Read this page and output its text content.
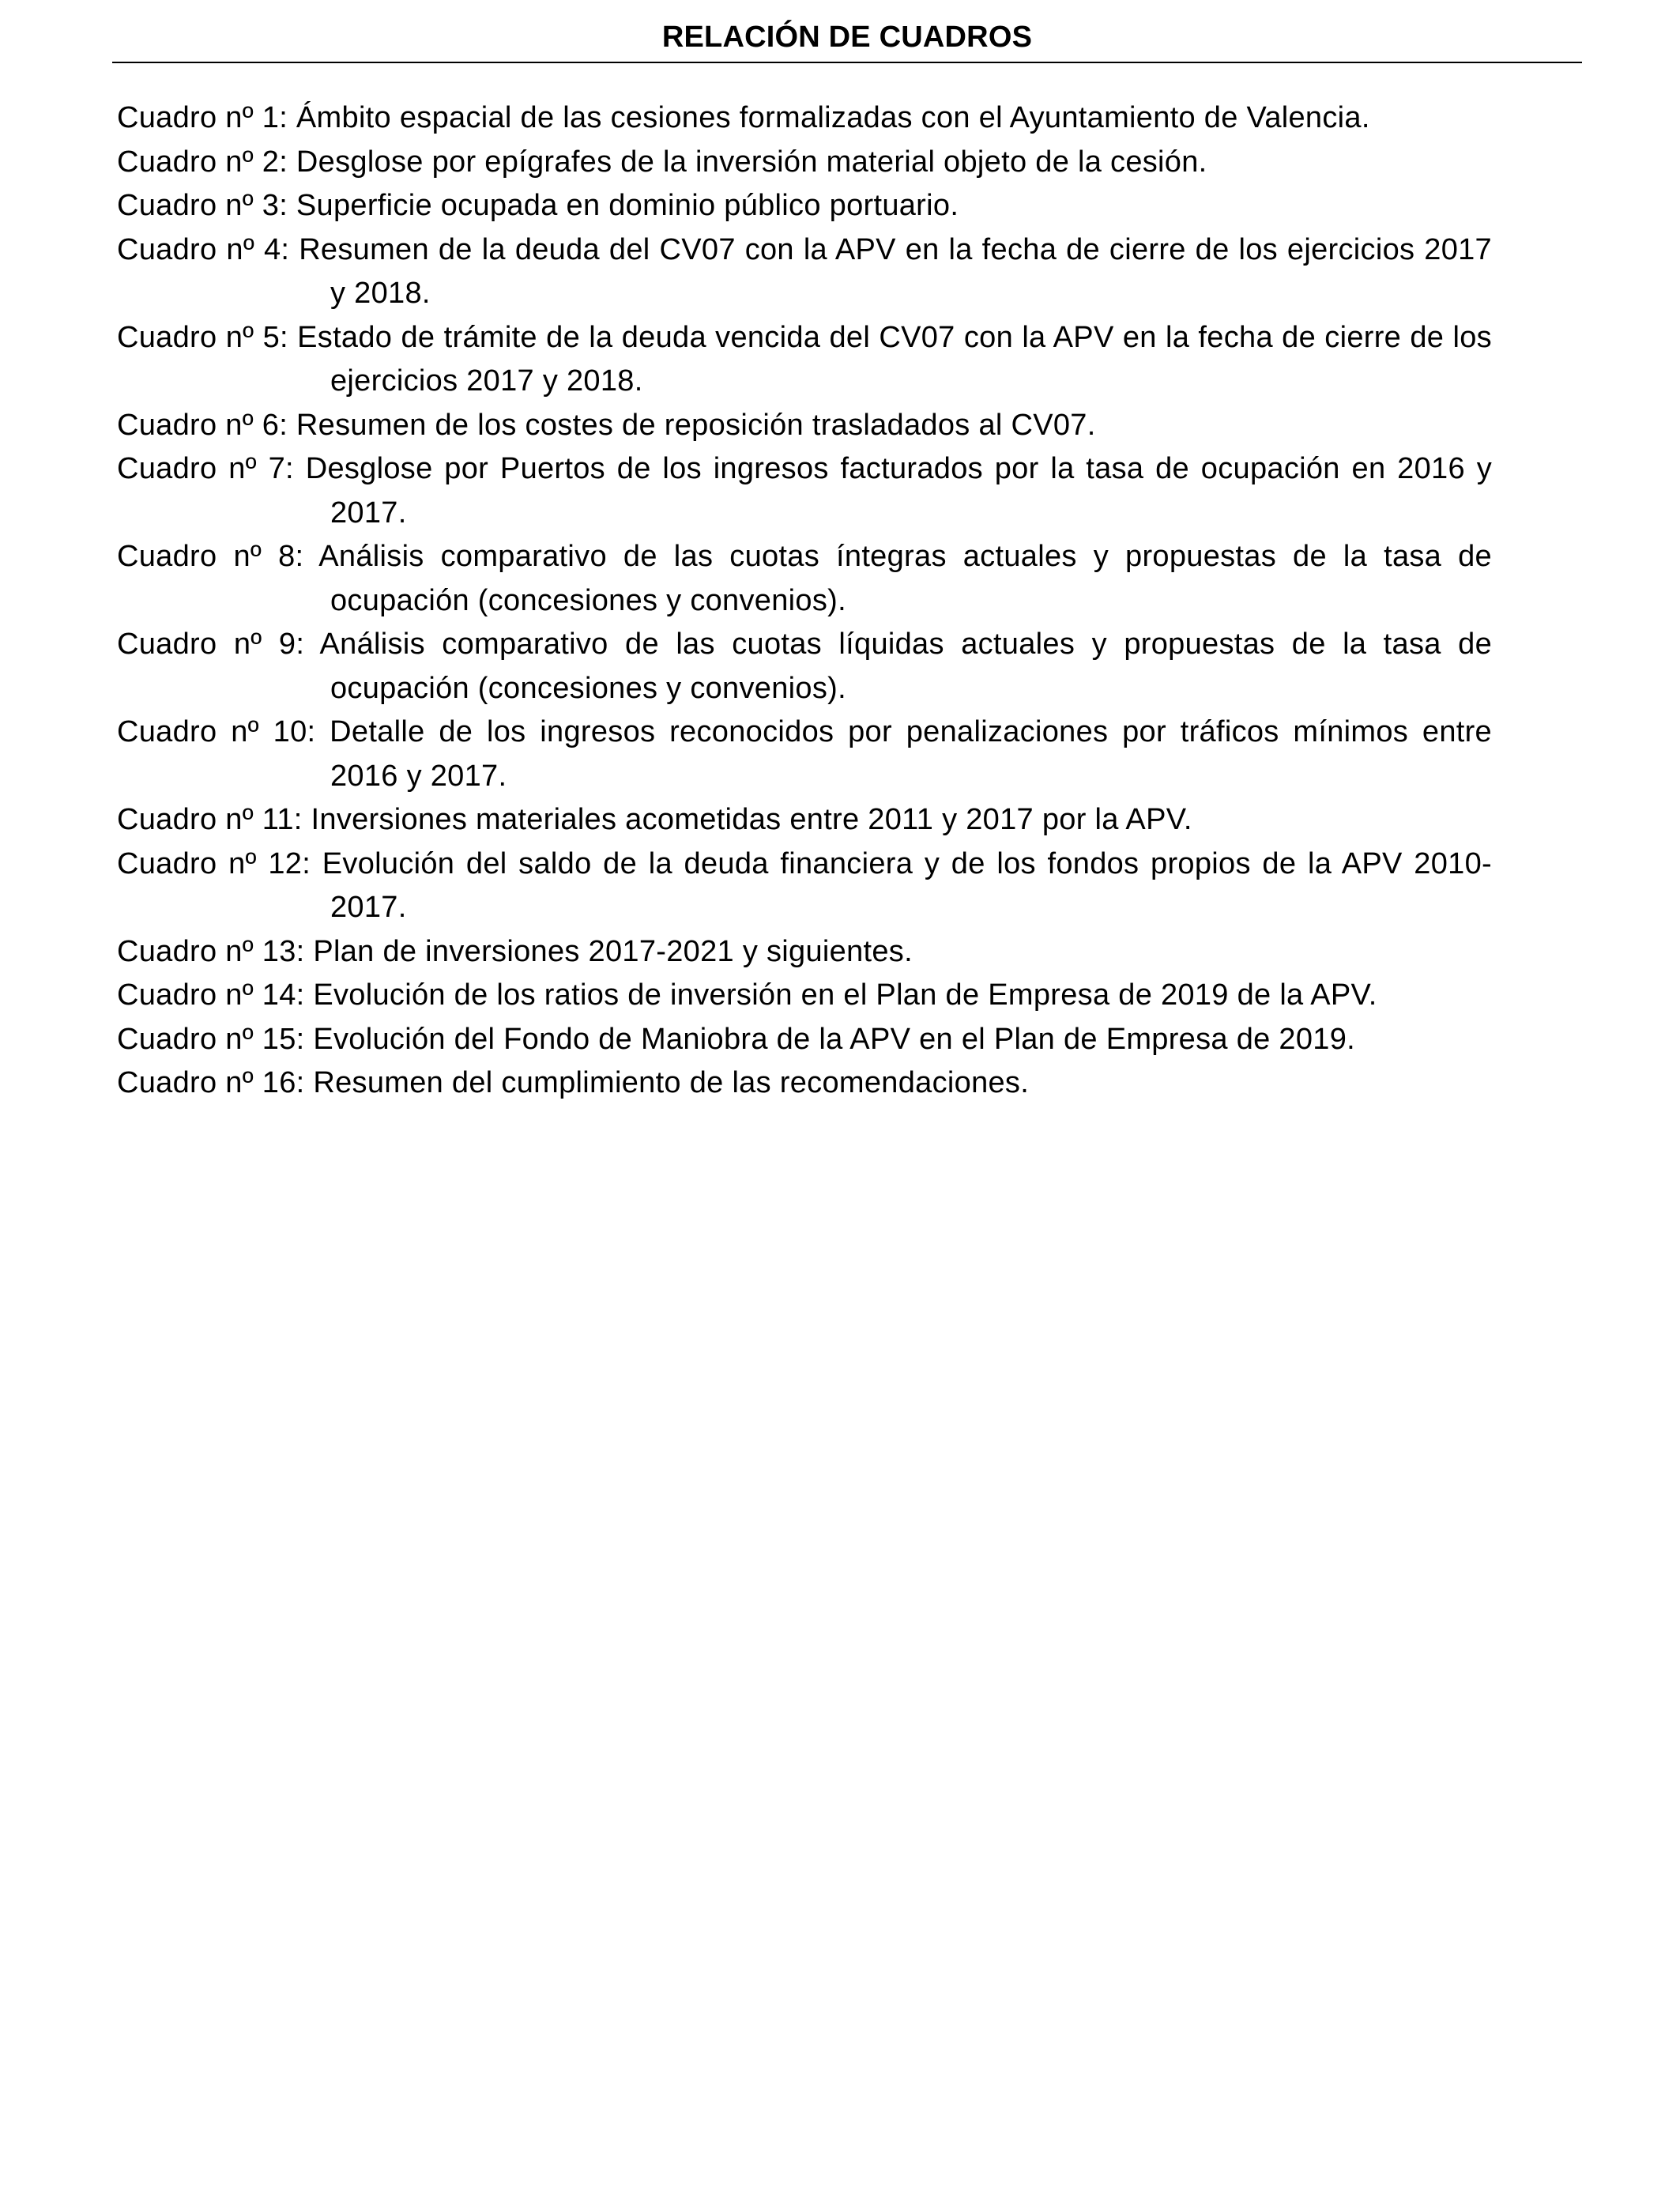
RELACIÓN DE CUADROS
Cuadro nº 1: Ámbito espacial de las cesiones formalizadas con el Ayuntamiento de Valencia.
Cuadro nº 2: Desglose por epígrafes de la inversión material objeto de la cesión.
Cuadro nº 3: Superficie ocupada en dominio público portuario.
Cuadro nº 4: Resumen de la deuda del CV07 con la APV en la fecha de cierre de los ejercicios 2017 y 2018.
Cuadro nº 5: Estado de trámite de la deuda vencida del CV07 con la APV en la fecha de cierre de los ejercicios 2017 y 2018.
Cuadro nº 6: Resumen de los costes de reposición trasladados al CV07.
Cuadro nº 7: Desglose por Puertos de los ingresos facturados por la tasa de ocupación en 2016 y 2017.
Cuadro nº 8: Análisis comparativo de las cuotas íntegras actuales y propuestas de la tasa de ocupación (concesiones y convenios).
Cuadro nº 9: Análisis comparativo de las cuotas líquidas actuales y propuestas de la tasa de ocupación (concesiones y convenios).
Cuadro nº 10: Detalle de los ingresos reconocidos por penalizaciones por tráficos mínimos entre 2016 y 2017.
Cuadro nº 11: Inversiones materiales acometidas entre 2011 y 2017 por la APV.
Cuadro nº 12: Evolución del saldo de la deuda financiera y de los fondos propios de la APV 2010-2017.
Cuadro nº 13: Plan de inversiones 2017-2021 y siguientes.
Cuadro nº 14: Evolución de los ratios de inversión en el Plan de Empresa de 2019 de la APV.
Cuadro nº 15: Evolución del Fondo de Maniobra de la APV en el Plan de Empresa de 2019.
Cuadro nº 16: Resumen del cumplimiento de las recomendaciones.
